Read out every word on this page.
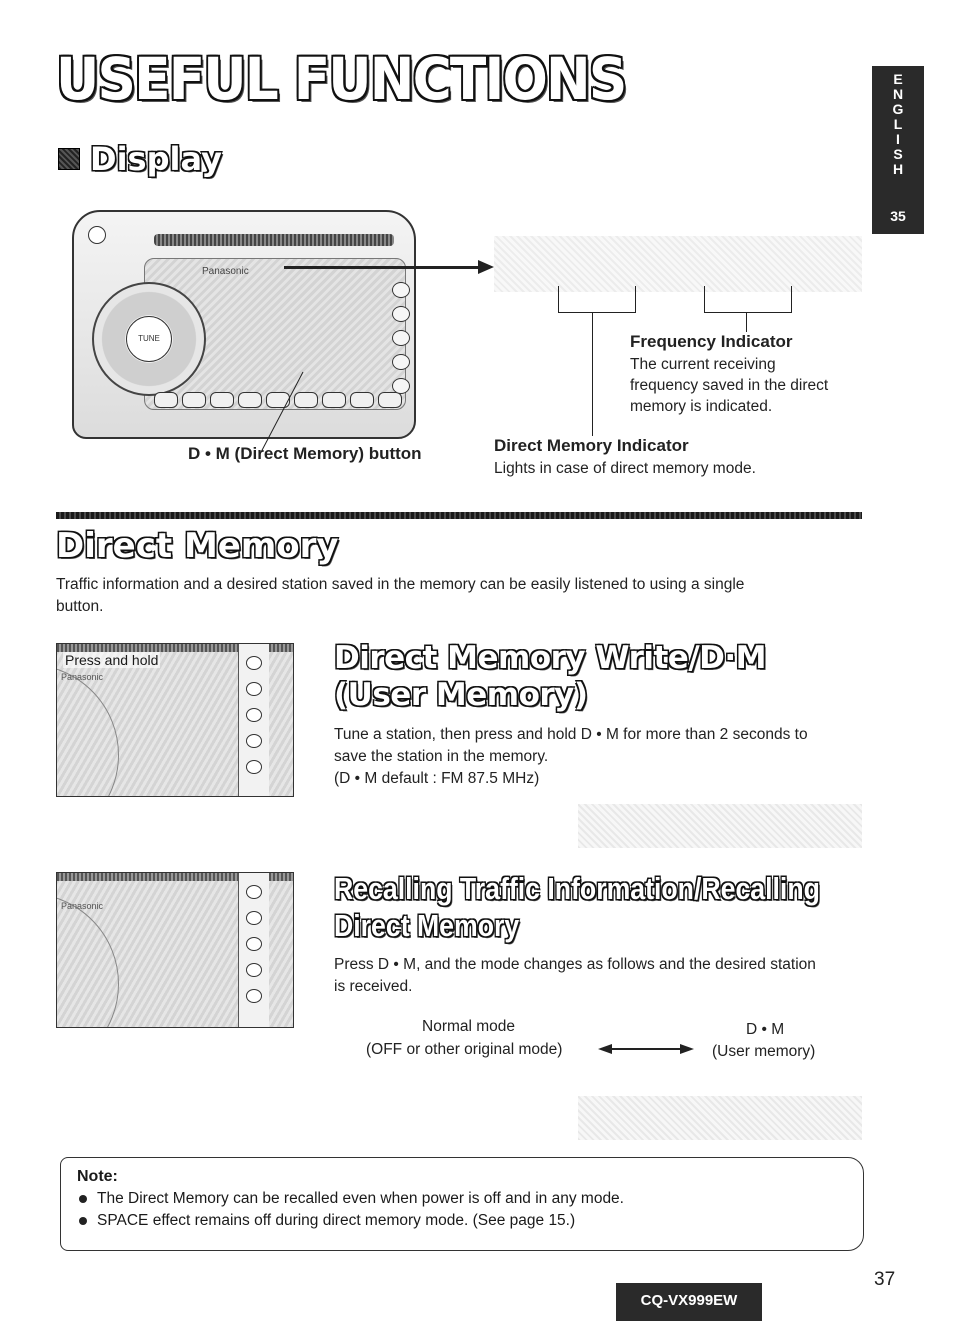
USEFUL FUNCTIONS
Display
E
N
G
L
I
S
H
35
Panasonic
TUNE	Frequency Indicator
The current receiving
frequency saved in the direct
memory is indicated.
Direct Memory Indicator
Lights in case of direct memory mode.
D • M (Direct Memory) button
Direct Memory
Traffic information and a desired station saved in the memory can be easily listened to using a single
button.
Press and hold
Panasonic
Direct Memory Write/D·M
(User Memory)
Tune a station, then press and hold D • M for more than 2 seconds to
save the station in the memory.
(D • M default : FM 87.5 MHz)
Panasonic	Recalling Traffic Information/Recalling
Direct Memory
Press D • M, and the mode changes as follows and the desired station
is received.
Normal mode
(OFF or other original mode)
D • M
(User memory)
Note:
The Direct Memory can be recalled even when power is off and in any mode.
SPACE effect remains off during direct memory mode. (See page 15.)
37
CQ-VX999EW
